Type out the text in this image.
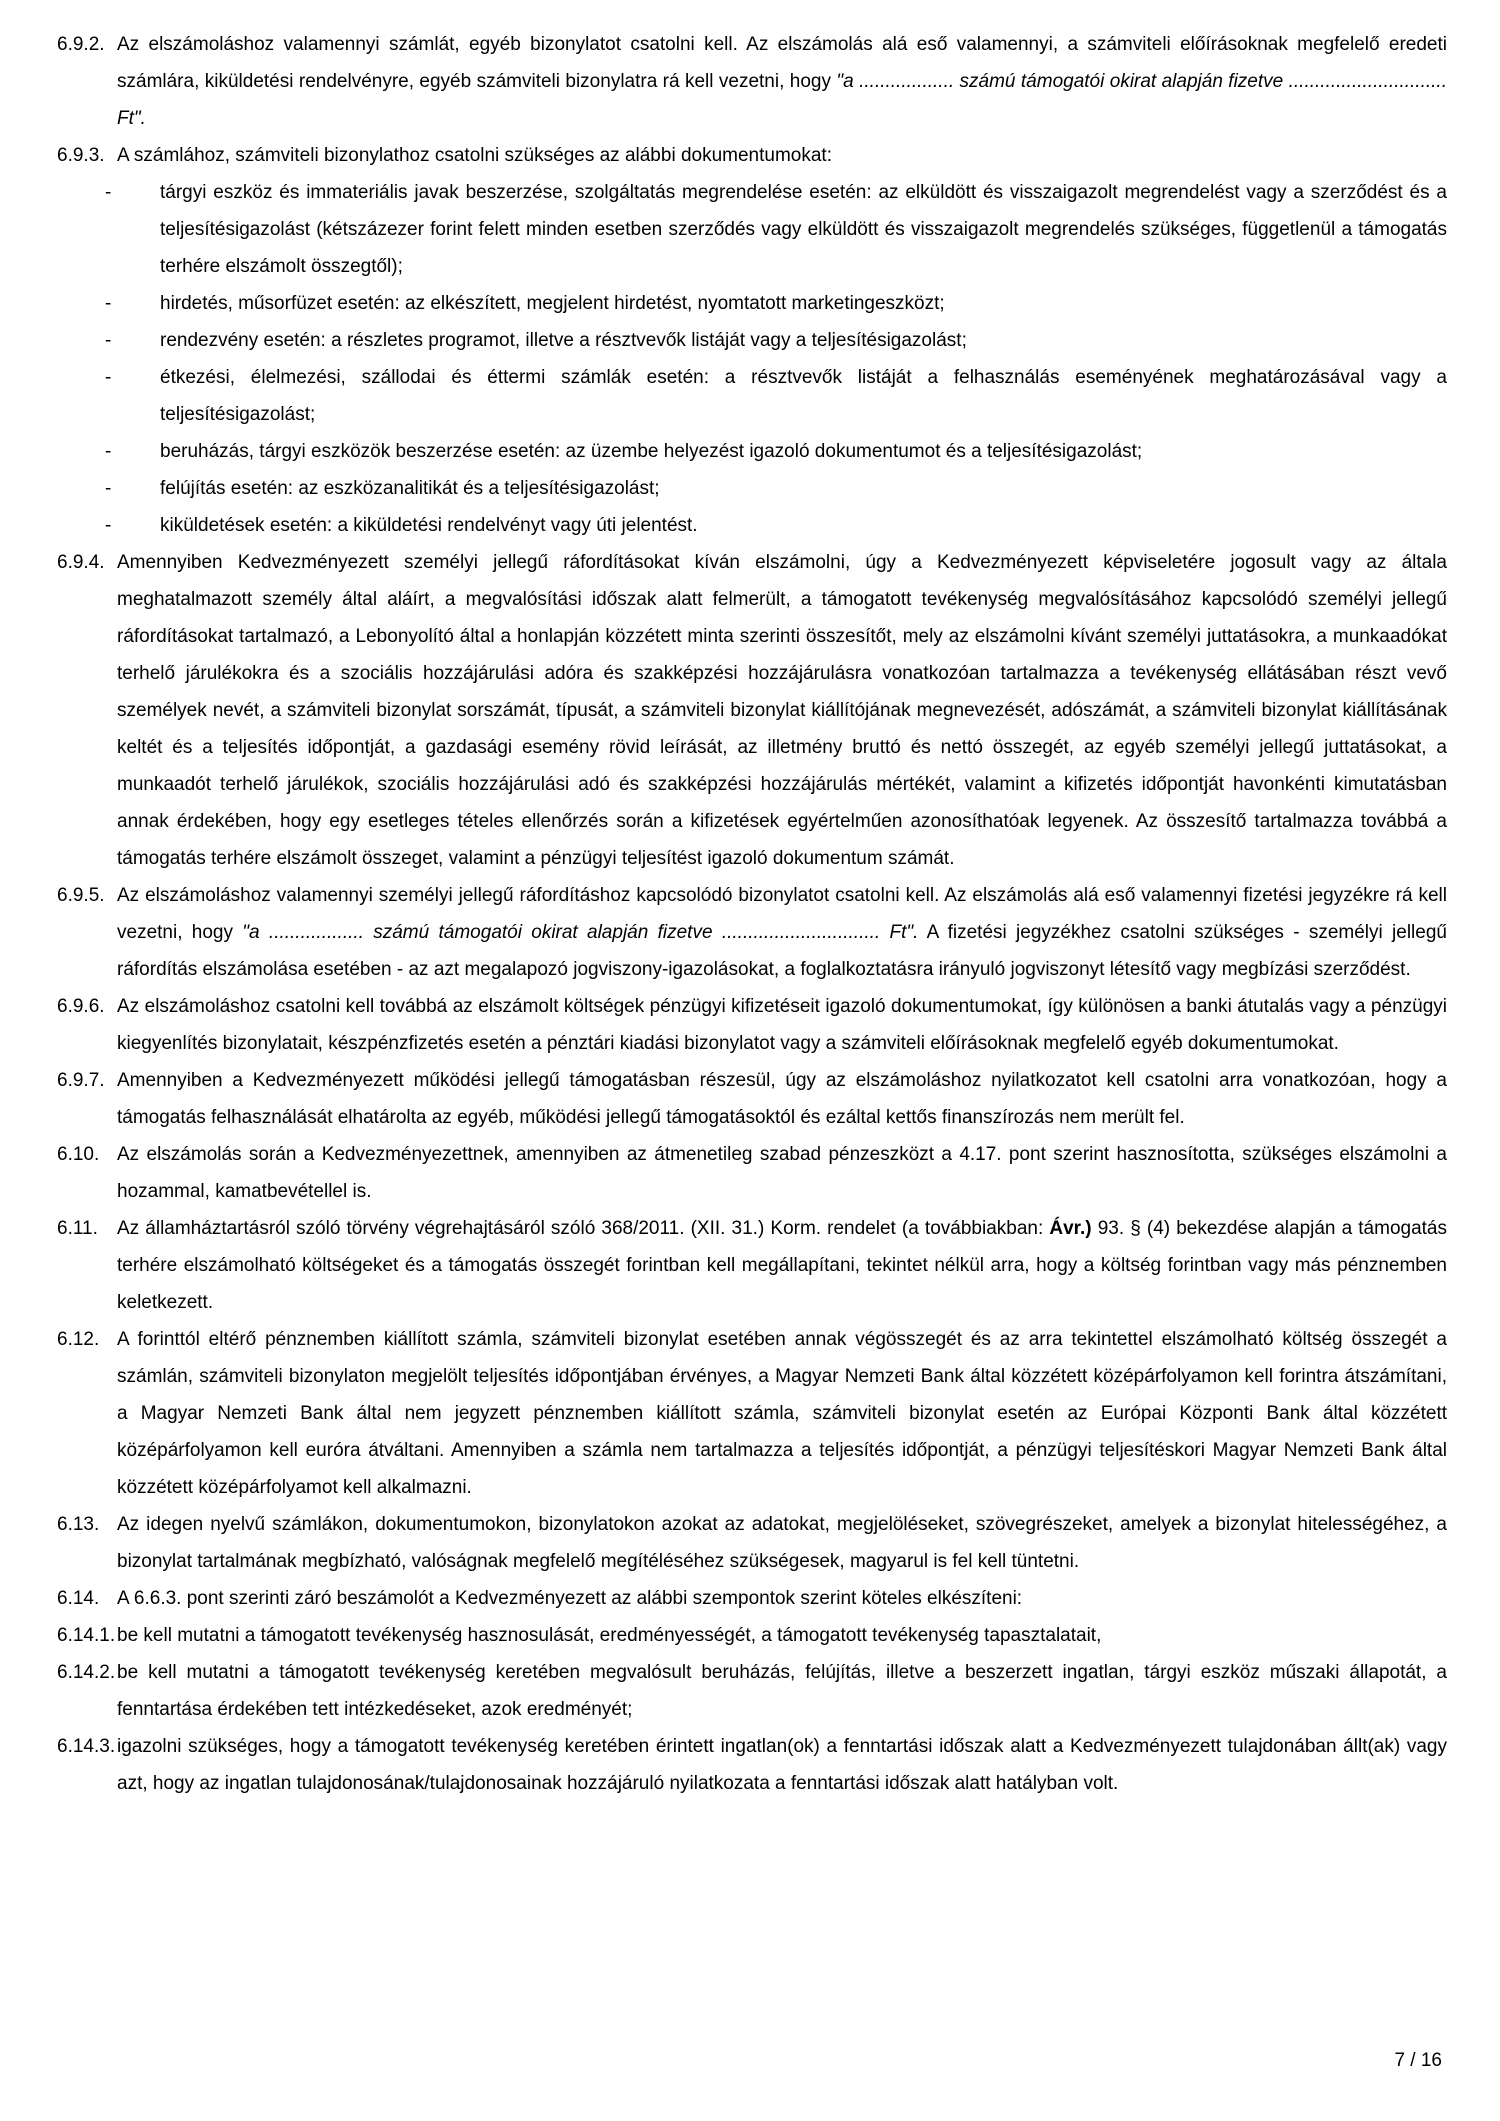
6.9.2. Az elszámoláshoz valamennyi számlát, egyéb bizonylatot csatolni kell. Az elszámolás alá eső valamennyi, a számviteli előírásoknak megfelelő eredeti számlára, kiküldetési rendelvényre, egyéb számviteli bizonylatra rá kell vezetni, hogy "a .................. számú támogatói okirat alapján fizetve .............................. Ft".
6.9.3. A számlához, számviteli bizonylathoz csatolni szükséges az alábbi dokumentumokat:
-	tárgyi eszköz és immateriális javak beszerzése, szolgáltatás megrendelése esetén: az elküldött és visszaigazolt megrendelést vagy a szerződést és a teljesítésigazolást (kétszázezer forint felett minden esetben szerződés vagy elküldött és visszaigazolt megrendelés szükséges, függetlenül a támogatás terhére elszámolt összegtől);
-	hirdetés, műsorfüzet esetén: az elkészített, megjelent hirdetést, nyomtatott marketingeszközt;
-	rendezvény esetén: a részletes programot, illetve a résztvevők listáját vagy a teljesítésigazolást;
-	étkezési, élelmezési, szállodai és éttermi számlák esetén: a résztvevők listáját a felhasználás eseményének meghatározásával vagy a teljesítésigazolást;
-	beruházás, tárgyi eszközök beszerzése esetén: az üzembe helyezést igazoló dokumentumot és a teljesítésigazolást;
-	felújítás esetén: az eszközanalitikát és a teljesítésigazolást;
-	kiküldetések esetén: a kiküldetési rendelvényt vagy úti jelentést.
6.9.4. Amennyiben Kedvezményezett személyi jellegű ráfordításokat kíván elszámolni, úgy a Kedvezményezett képviseletére jogosult vagy az általa meghatalmazott személy által aláírt, a megvalósítási időszak alatt felmerült, a támogatott tevékenység megvalósításához kapcsolódó személyi jellegű ráfordításokat tartalmazó, a Lebonyolító által a honlapján közzétett minta szerinti összesítőt, mely az elszámolni kívánt személyi juttatásokra, a munkaadókat terhelő járulékokra és a szociális hozzájárulási adóra és szakképzési hozzájárulásra vonatkozóan tartalmazza a tevékenység ellátásában részt vevő személyek nevét, a számviteli bizonylat sorszámát, típusát, a számviteli bizonylat kiállítójának megnevezését, adószámát, a számviteli bizonylat kiállításának keltét és a teljesítés időpontját, a gazdasági esemény rövid leírását, az illetmény bruttó és nettó összegét, az egyéb személyi jellegű juttatásokat, a munkaadót terhelő járulékok, szociális hozzájárulási adó és szakképzési hozzájárulás mértékét, valamint a kifizetés időpontját havonkénti kimutatásban annak érdekében, hogy egy esetleges tételes ellenőrzés során a kifizetések egyértelműen azonosíthatóak legyenek. Az összesítő tartalmazza továbbá a támogatás terhére elszámolt összeget, valamint a pénzügyi teljesítést igazoló dokumentum számát.
6.9.5. Az elszámoláshoz valamennyi személyi jellegű ráfordításhoz kapcsolódó bizonylatot csatolni kell. Az elszámolás alá eső valamennyi fizetési jegyzékre rá kell vezetni, hogy "a .................. számú támogatói okirat alapján fizetve .............................. Ft". A fizetési jegyzékhez csatolni szükséges - személyi jellegű ráfordítás elszámolása esetében - az azt megalapozó jogviszony-igazolásokat, a foglalkoztatásra irányuló jogviszonyt létesítő vagy megbízási szerződést.
6.9.6. Az elszámoláshoz csatolni kell továbbá az elszámolt költségek pénzügyi kifizetéseit igazoló dokumentumokat, így különösen a banki átutalás vagy a pénzügyi kiegyenlítés bizonylatait, készpénzfizetés esetén a pénztári kiadási bizonylatot vagy a számviteli előírásoknak megfelelő egyéb dokumentumokat.
6.9.7. Amennyiben a Kedvezményezett működési jellegű támogatásban részesül, úgy az elszámoláshoz nyilatkozatot kell csatolni arra vonatkozóan, hogy a támogatás felhasználását elhatárolta az egyéb, működési jellegű támogatásoktól és ezáltal kettős finanszírozás nem merült fel.
6.10. Az elszámolás során a Kedvezményezettnek, amennyiben az átmenetileg szabad pénzeszközt a 4.17. pont szerint hasznosította, szükséges elszámolni a hozammal, kamatbevétellel is.
6.11.	Az államháztartásról szóló törvény végrehajtásáról szóló 368/2011. (XII. 31.) Korm. rendelet (a továbbiakban: Ávr.) 93. § (4) bekezdése alapján a támogatás terhére elszámolható költségeket és a támogatás összegét forintban kell megállapítani, tekintet nélkül arra, hogy a költség forintban vagy más pénznemben keletkezett.
6.12. A forinttól eltérő pénznemben kiállított számla, számviteli bizonylat esetében annak végösszegét és az arra tekintettel elszámolható költség összegét a számlán, számviteli bizonylaton megjelölt teljesítés időpontjában érvényes, a Magyar Nemzeti Bank által közzétett középárfolyamon kell forintra átszámítani, a Magyar Nemzeti Bank által nem jegyzett pénznemben kiállított számla, számviteli bizonylat esetén az Európai Központi Bank által közzétett középárfolyamon kell euróra átváltani. Amennyiben a számla nem tartalmazza a teljesítés időpontját, a pénzügyi teljesítéskori Magyar Nemzeti Bank által közzétett középárfolyamot kell alkalmazni.
6.13. Az idegen nyelvű számlákon, dokumentumokon, bizonylatokon azokat az adatokat, megjelöléseket, szövegrészeket, amelyek a bizonylat hitelességéhez, a bizonylat tartalmának megbízható, valóságnak megfelelő megítéléséhez szükségesek, magyarul is fel kell tüntetni.
6.14. A 6.6.3. pont szerinti záró beszámolót a Kedvezményezett az alábbi szempontok szerint köteles elkészíteni:
6.14.1. be kell mutatni a támogatott tevékenység hasznosulását, eredményességét, a támogatott tevékenység tapasztalatait,
6.14.2. be kell mutatni a támogatott tevékenység keretében megvalósult beruházás, felújítás, illetve a beszerzett ingatlan, tárgyi eszköz műszaki állapotát, a fenntartása érdekében tett intézkedéseket, azok eredményét;
6.14.3. igazolni szükséges, hogy a támogatott tevékenység keretében érintett ingatlan(ok) a fenntartási időszak alatt a Kedvezményezett tulajdonában állt(ak) vagy azt, hogy az ingatlan tulajdonosának/tulajdonosainak hozzájáruló nyilatkozata a fenntartási időszak alatt hatályban volt.
7 / 16
